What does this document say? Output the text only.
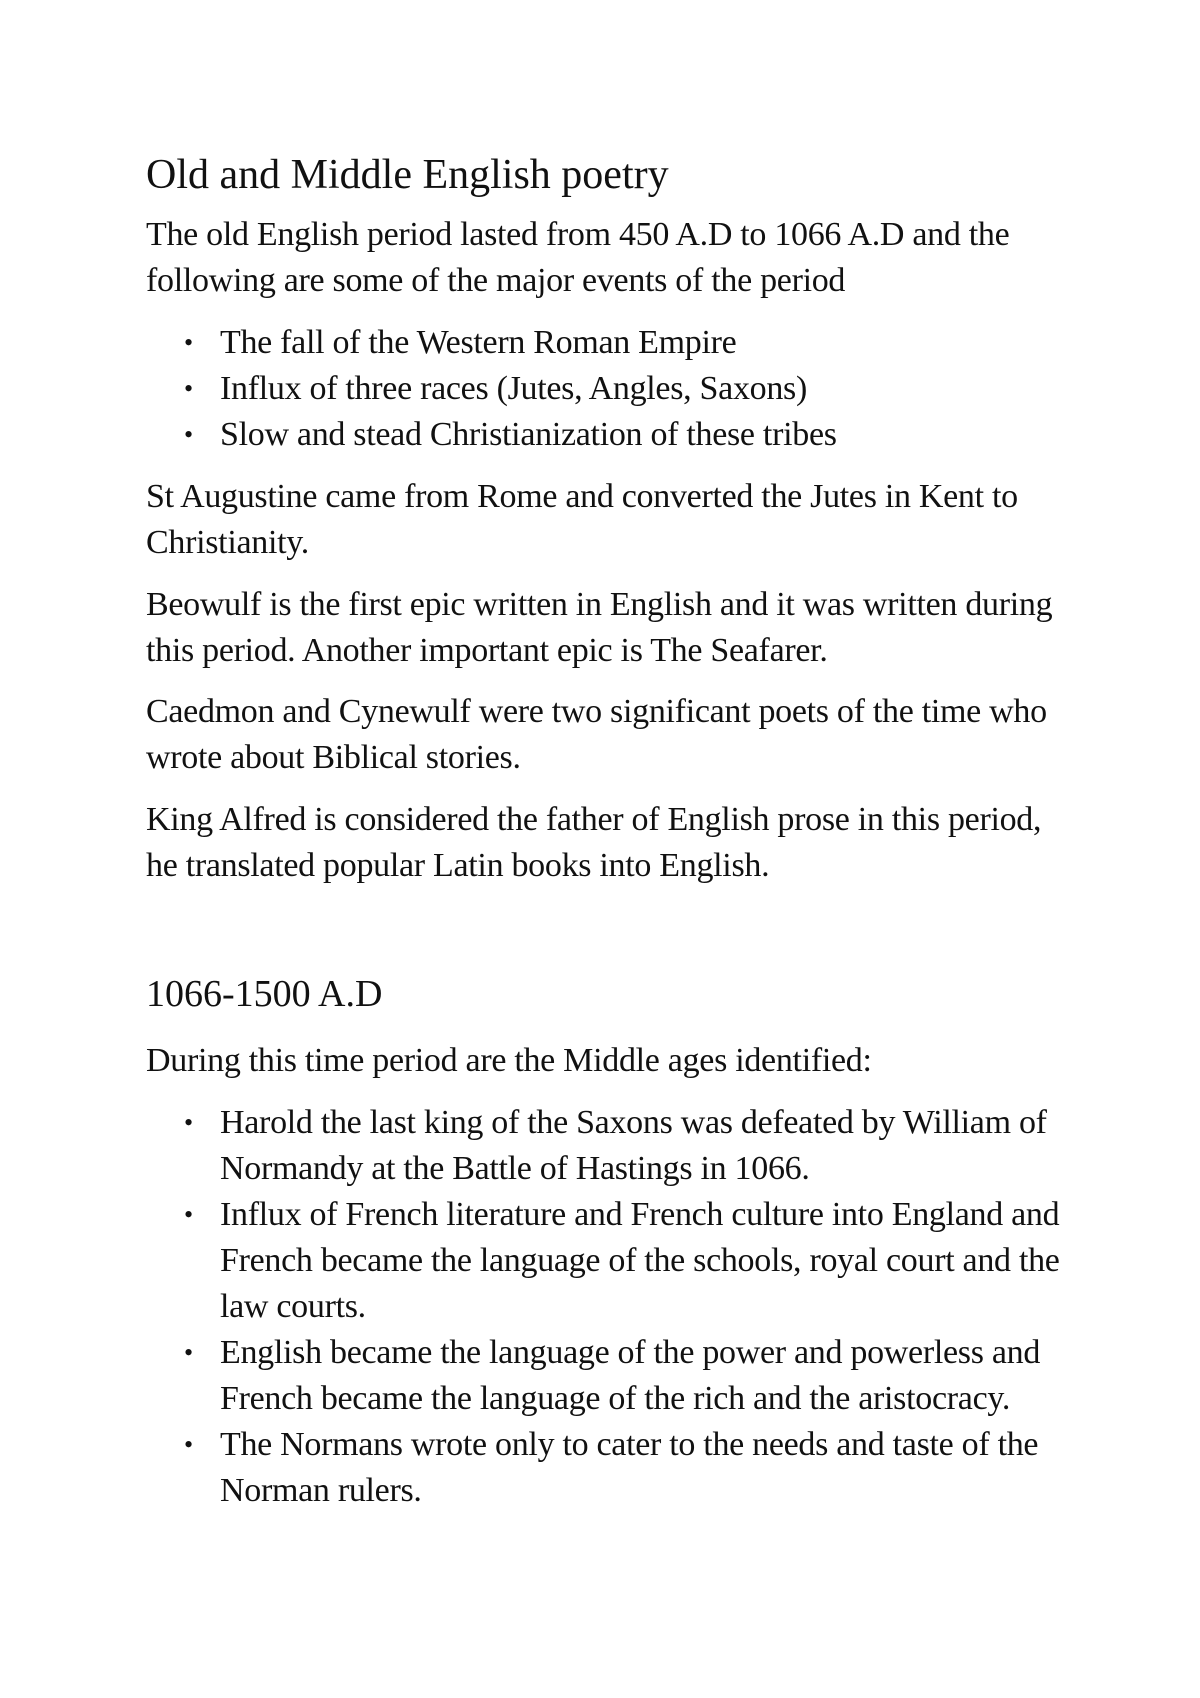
Old and Middle English poetry

The old English period lasted from 450 A.D to 1066 A.D and the following are some of the major events of the period

• The fall of the Western Roman Empire
• Influx of three races (Jutes, Angles, Saxons)
• Slow and stead Christianization of these tribes

St Augustine came from Rome and converted the Jutes in Kent to Christianity.

Beowulf is the first epic written in English and it was written during this period. Another important epic is The Seafarer.

Caedmon and Cynewulf were two significant poets of the time who wrote about Biblical stories.

King Alfred is considered the father of English prose in this period, he translated popular Latin books into English.

1066-1500 A.D

During this time period are the Middle ages identified:

• Harold the last king of the Saxons was defeated by William of Normandy at the Battle of Hastings in 1066.
• Influx of French literature and French culture into England and French became the language of the schools, royal court and the law courts.
• English became the language of the power and powerless and French became the language of the rich and the aristocracy.
• The Normans wrote only to cater to the needs and taste of the Norman rulers.
